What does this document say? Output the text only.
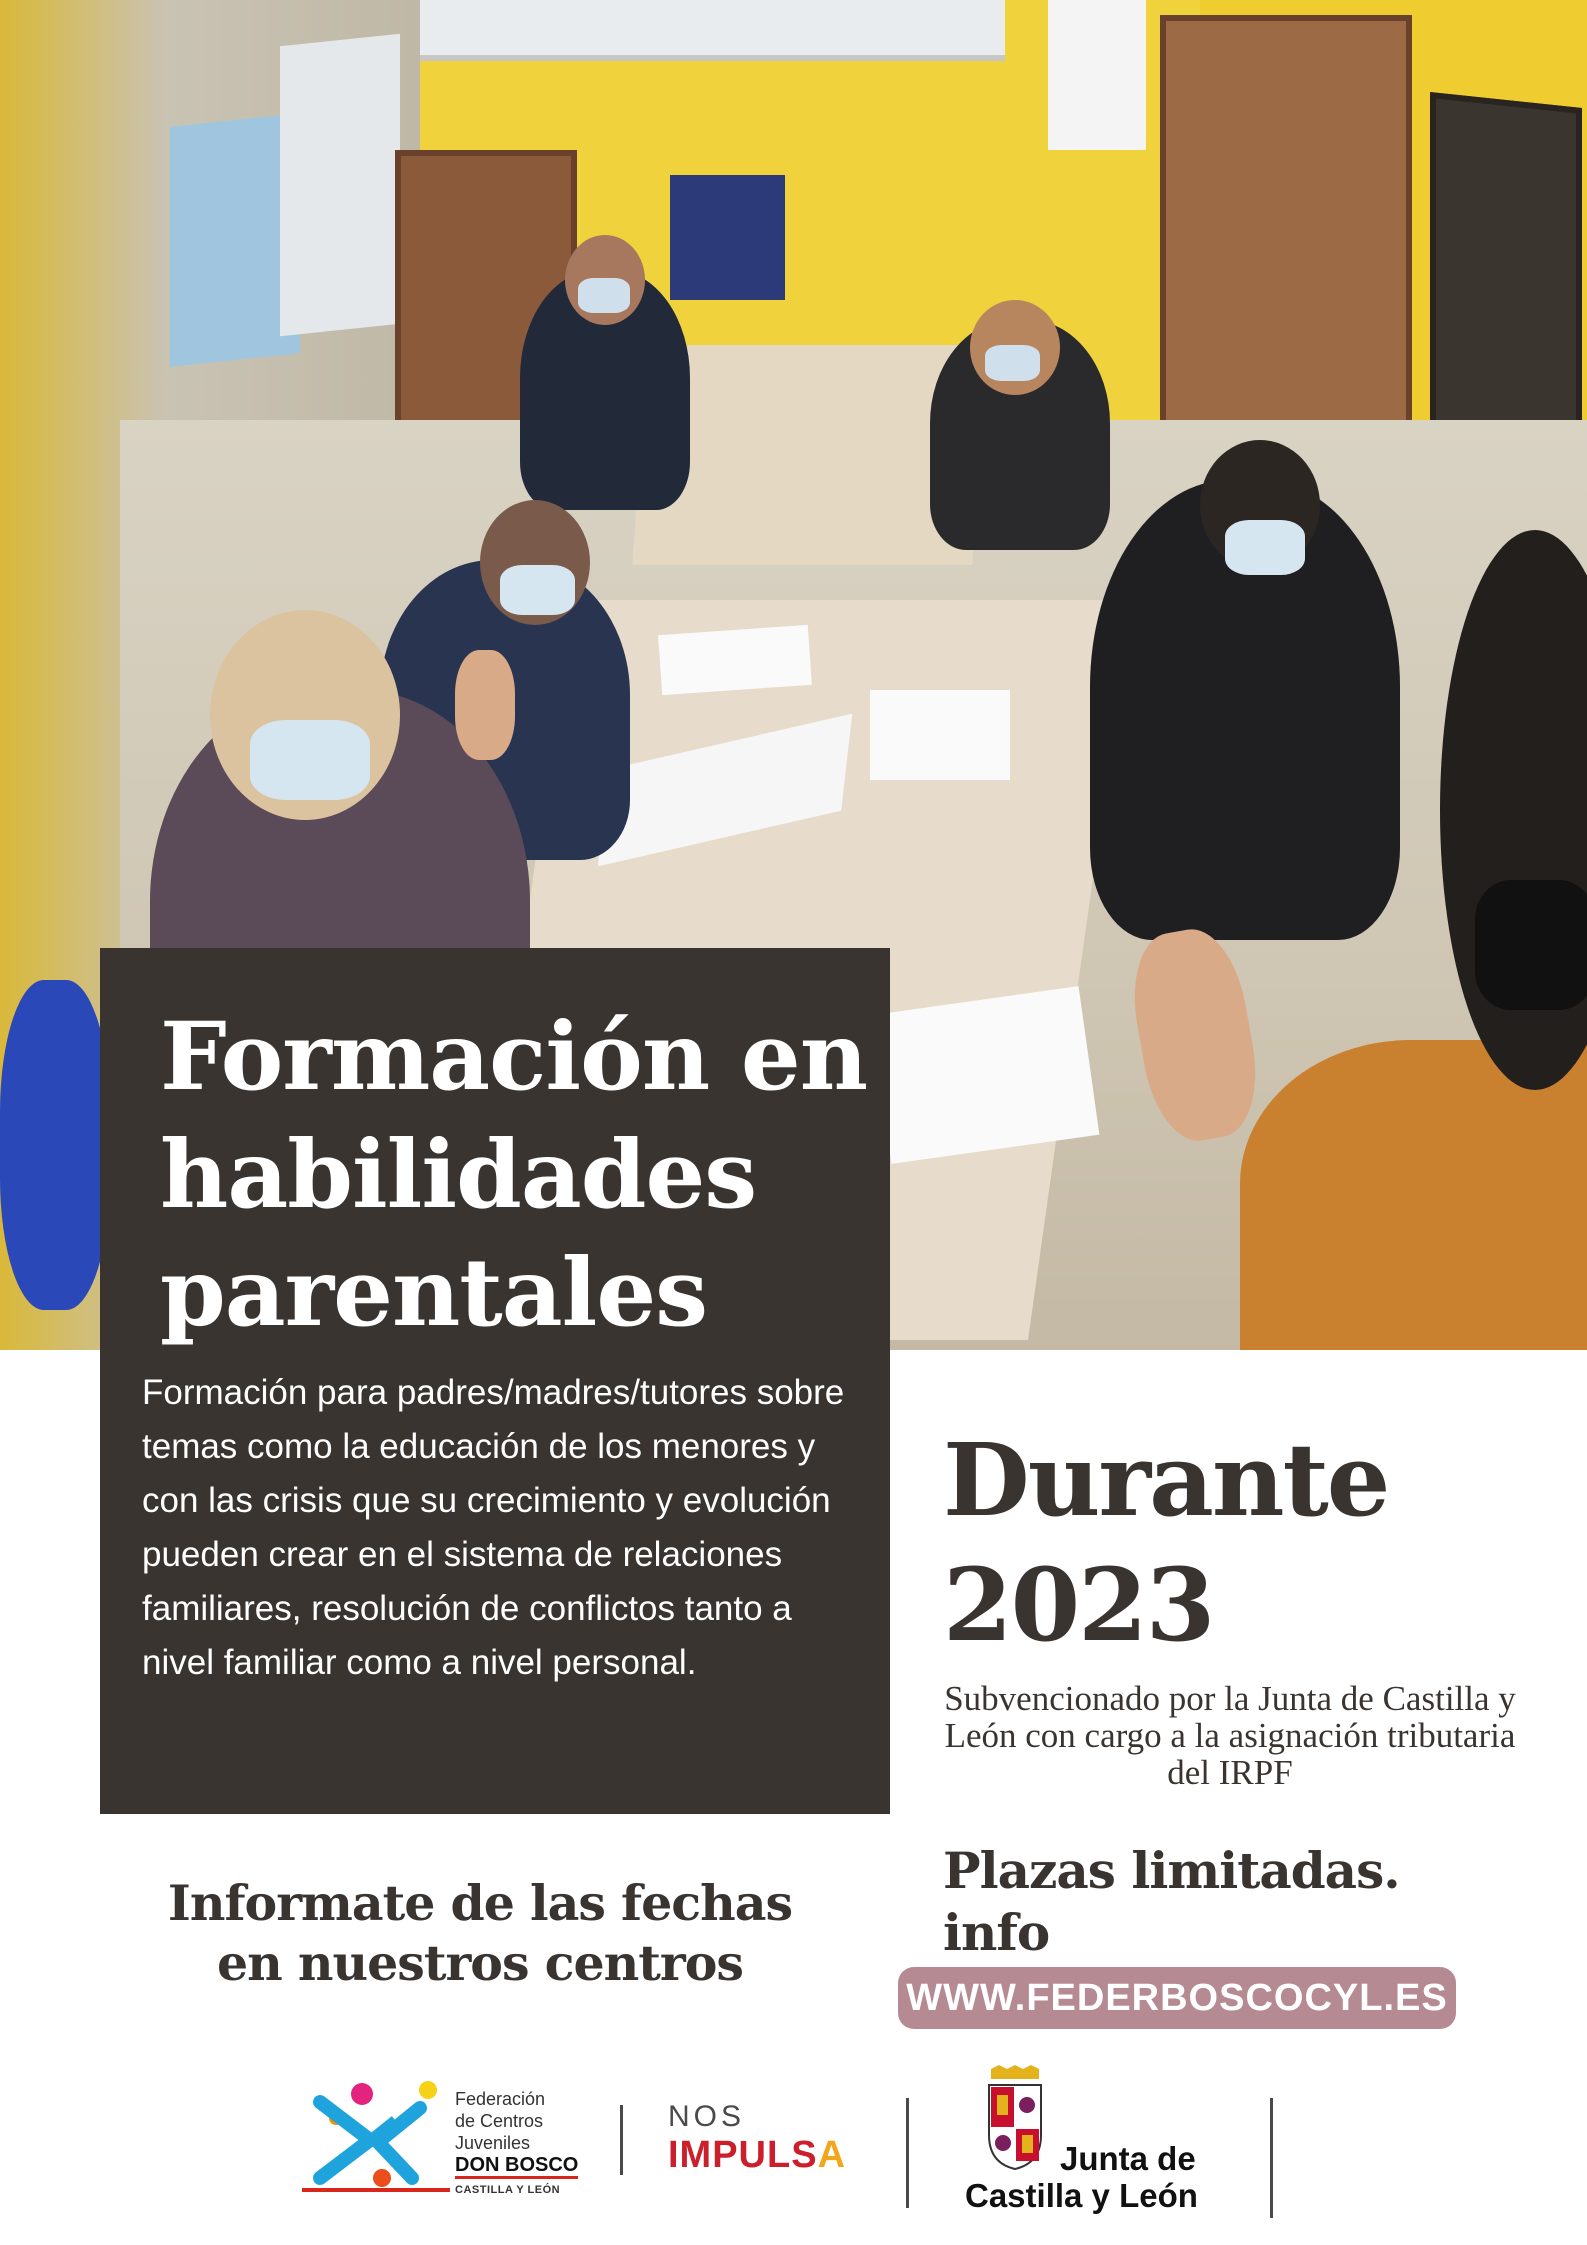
Formación en
habilidades
parentales

Formación para padres/madres/tutores sobre temas como la educación de los menores y con las crisis que su crecimiento y evolución pueden crear en el sistema de relaciones familiares, resolución de conflictos tanto a nivel familiar como a nivel personal.

Durante
2023

Subvencionado por la Junta de Castilla y León con cargo a la asignación tributaria del IRPF

Informate de las fechas
en nuestros centros
Plazas limitadas.
info
WWW.FEDERBOSCOCYL.ES
Federación
de Centros
Juveniles
DON BOSCO
CASTILLA Y LEÓN
NOS
IMPULSA	Junta de
Castilla y León
